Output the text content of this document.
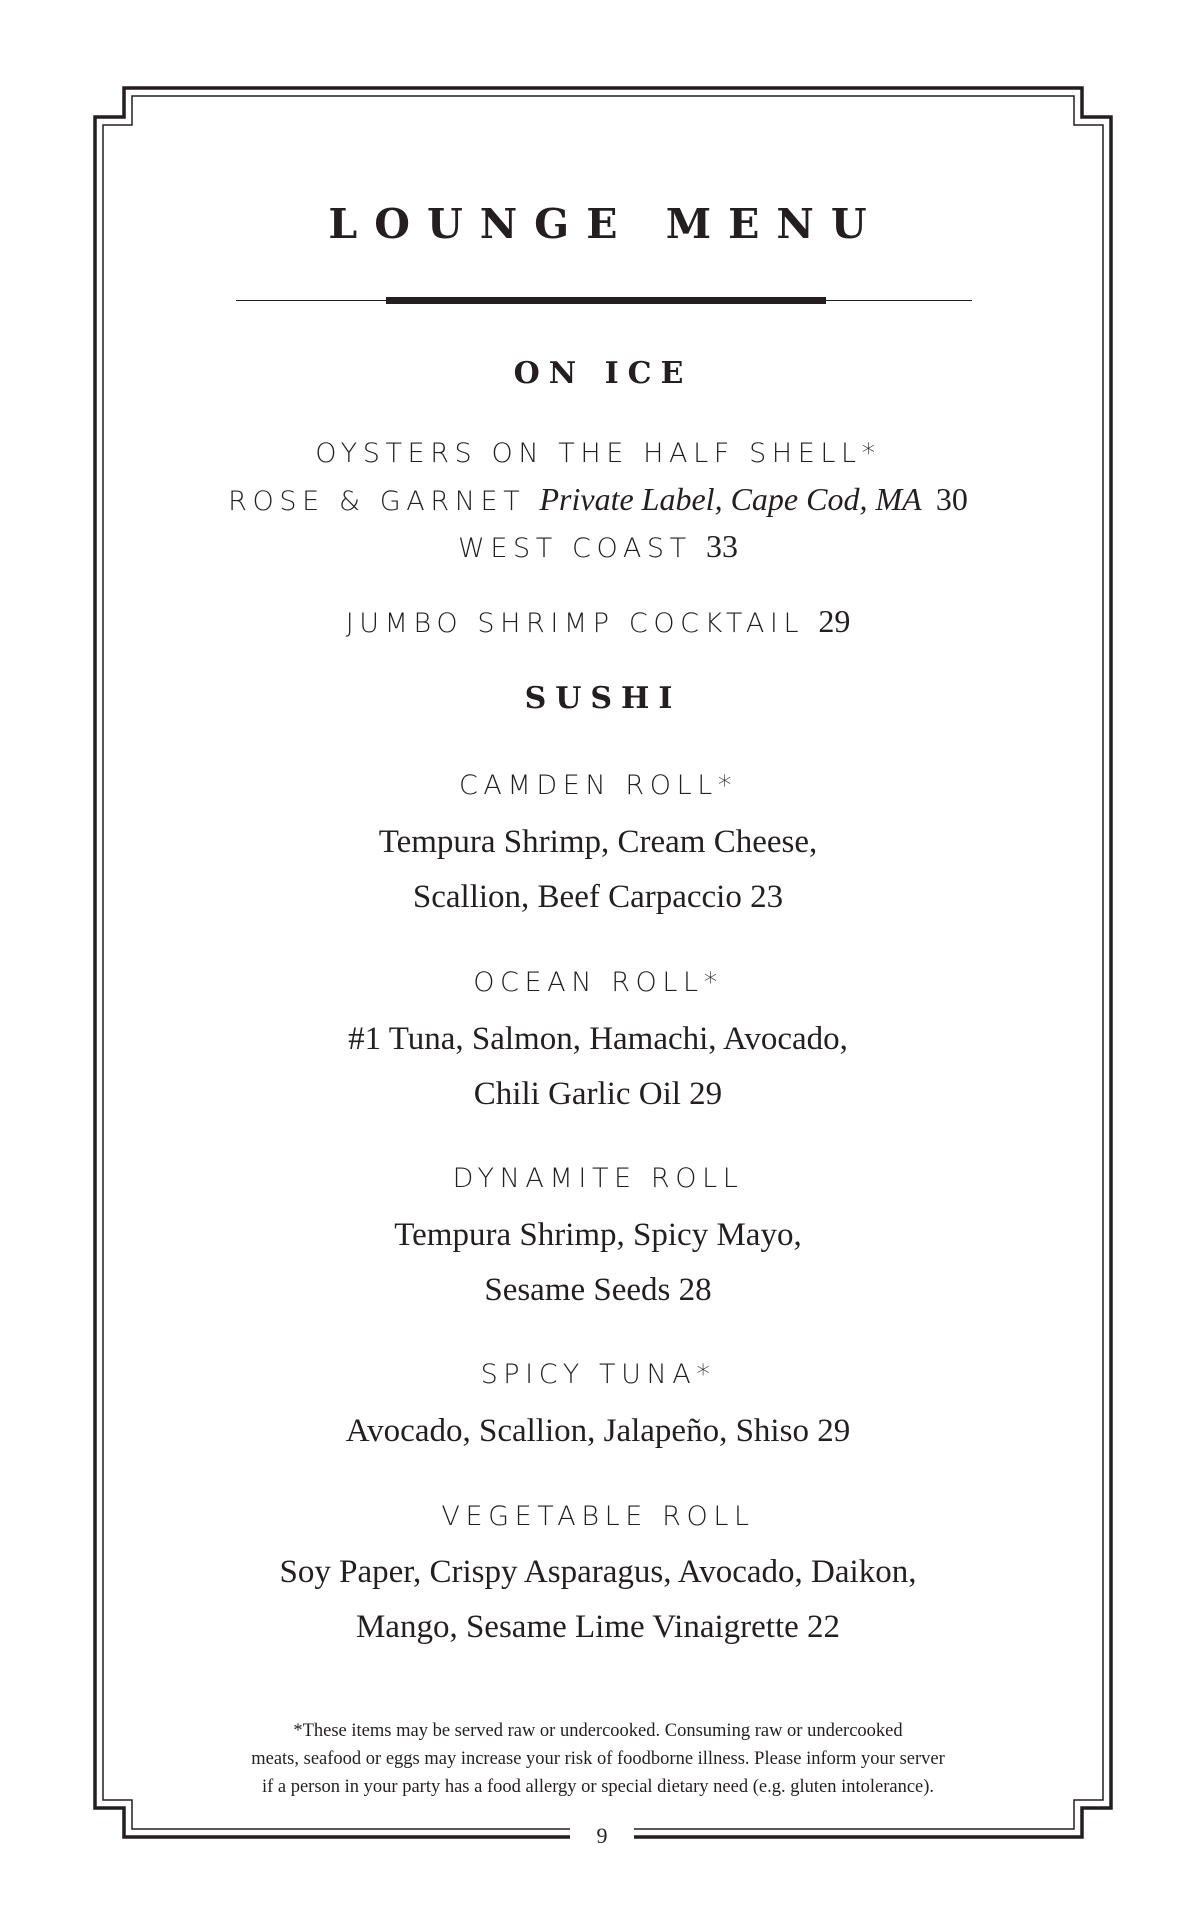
LOUNGE MENU
ON ICE
OYSTERS ON THE HALF SHELL*
ROSE & GARNET Private Label, Cape Cod, MA 30
WEST COAST 33
JUMBO SHRIMP COCKTAIL 29
SUSHI
CAMDEN ROLL*
Tempura Shrimp, Cream Cheese,
Scallion, Beef Carpaccio 23
OCEAN ROLL*
#1 Tuna, Salmon, Hamachi, Avocado,
Chili Garlic Oil 29
DYNAMITE ROLL
Tempura Shrimp, Spicy Mayo,
Sesame Seeds 28
SPICY TUNA*
Avocado, Scallion, Jalapeño, Shiso 29
VEGETABLE ROLL
Soy Paper, Crispy Asparagus, Avocado, Daikon,
Mango, Sesame Lime Vinaigrette 22
*These items may be served raw or undercooked. Consuming raw or undercooked
meats, seafood or eggs may increase your risk of foodborne illness. Please inform your server
if a person in your party has a food allergy or special dietary need (e.g. gluten intolerance).
9
